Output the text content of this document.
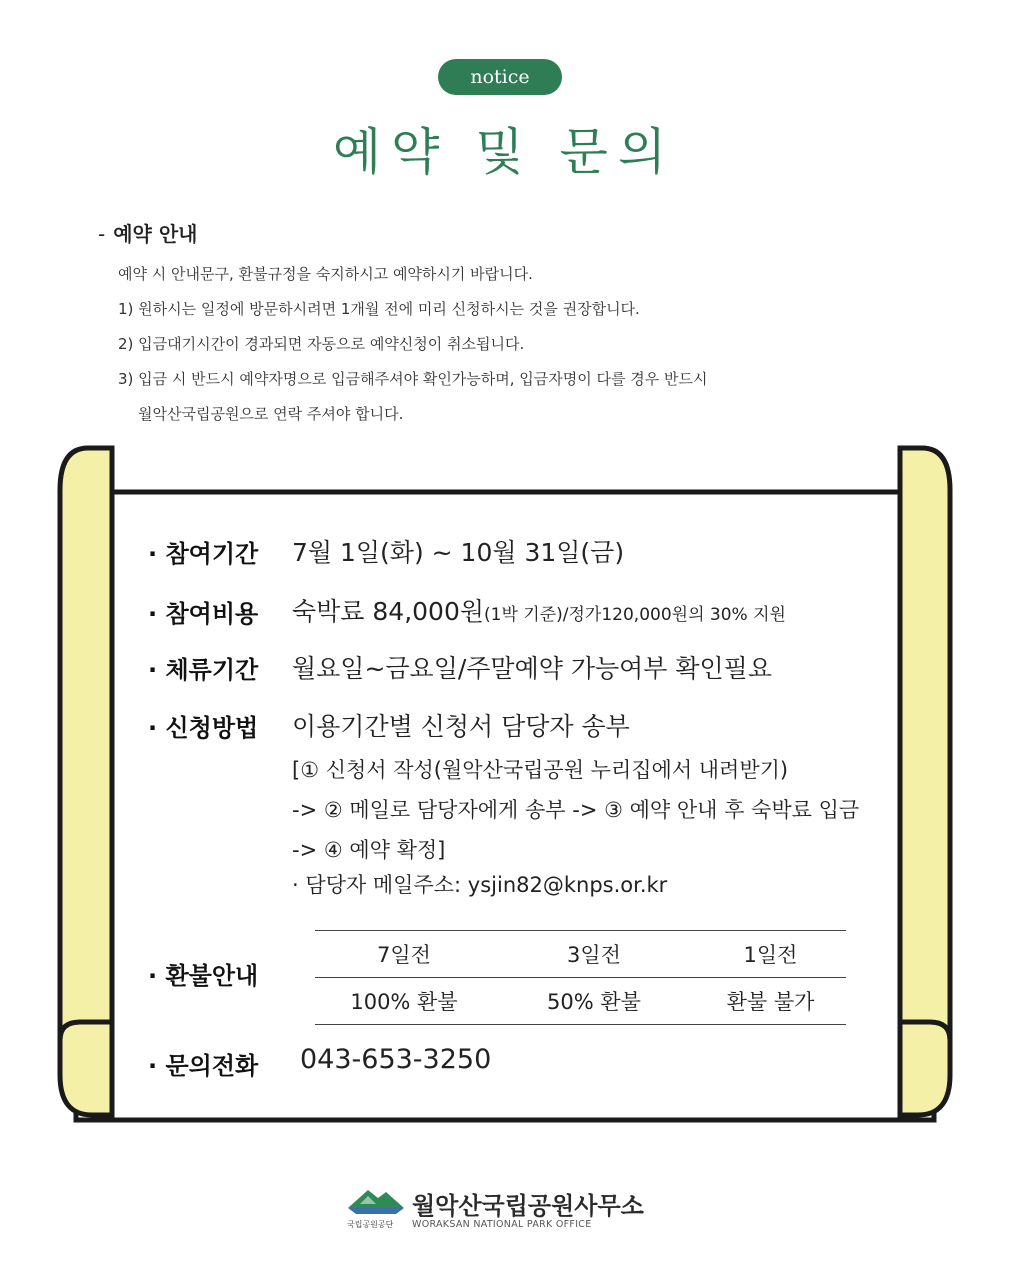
notice
예약 및 문의
- 예약 안내
예약 시 안내문구, 환불규정을 숙지하시고 예약하시기 바랍니다.
1) 원하시는 일정에 방문하시려면 1개월 전에 미리 신청하시는 것을 권장합니다.
2) 입금대기시간이 경과되면 자동으로 예약신청이 취소됩니다.
3) 입금 시 반드시 예약자명으로 입금해주셔야 확인가능하며, 입금자명이 다를 경우 반드시
월악산국립공원으로 연락 주셔야 합니다.
· 참여기간 7월 1일(화) ~ 10월 31일(금)
· 참여비용 숙박료 84,000원(1박 기준)/정가120,000원의 30% 지원
· 체류기간 월요일~금요일/주말예약 가능여부 확인필요
· 신청방법 이용기간별 신청서 담당자 송부
[① 신청서 작성(월악산국립공원 누리집에서 내려받기)
-> ② 메일로 담당자에게 송부 -> ③ 예약 안내 후 숙박료 입금
-> ④ 예약 확정]
· 담당자 메일주소: ysjin82@knps.or.kr
· 환불안내
7일전	3일전	1일전
100% 환불	50% 환불	환불 불가
· 문의전화 043-653-3250
월악산국립공원사무소
WORAKSAN NATIONAL PARK OFFICE
국립공원공단
